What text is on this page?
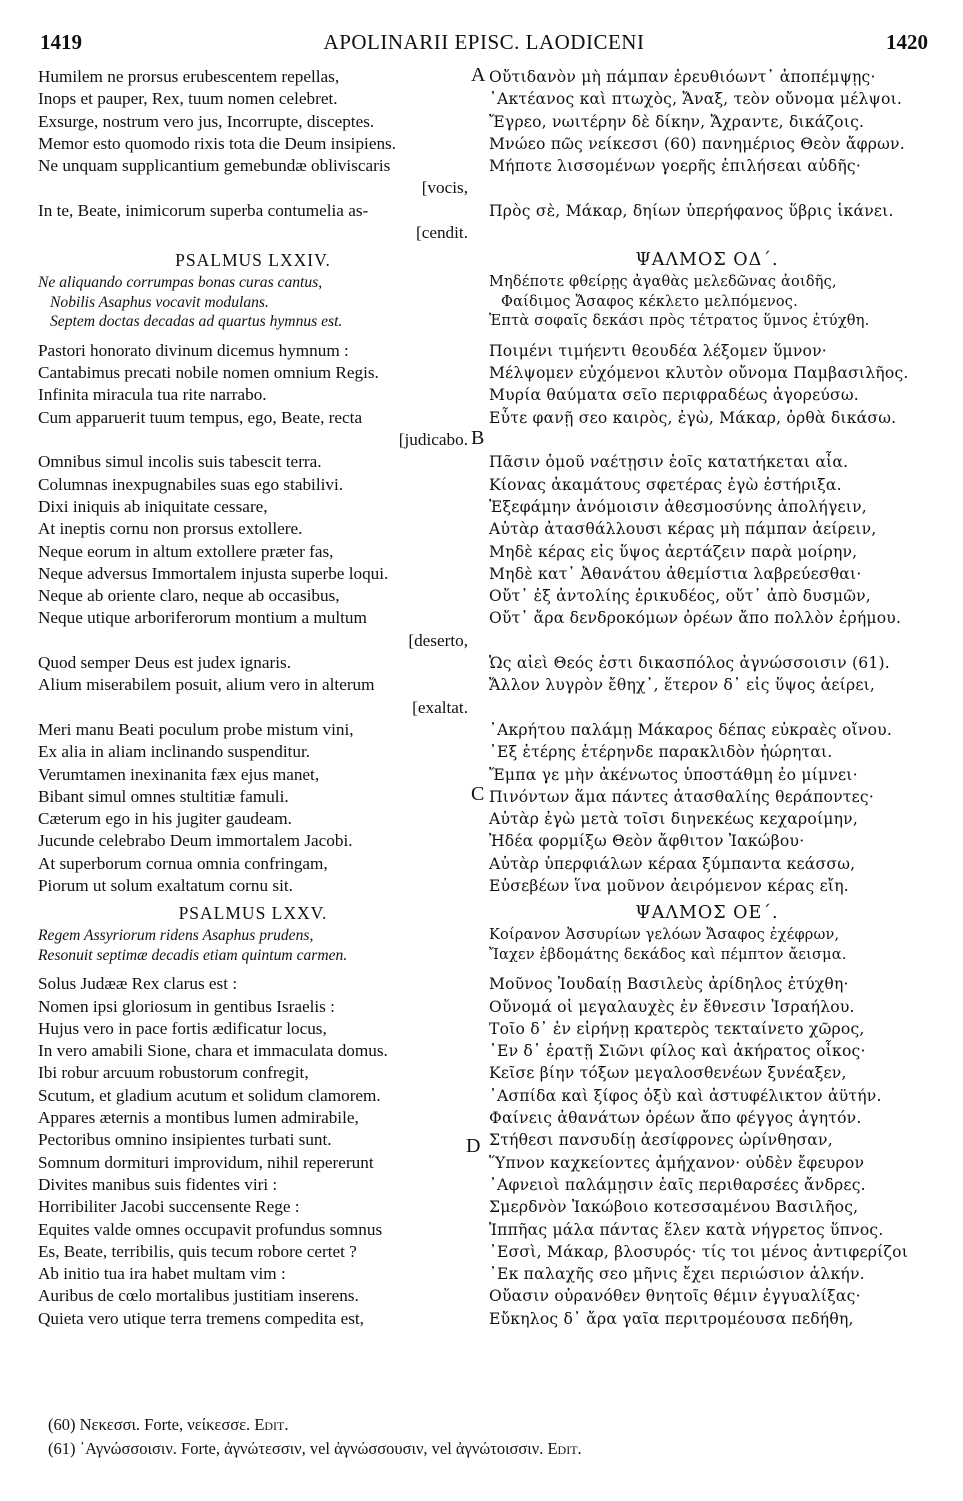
1419	APOLINARII EPISC. LAODICENI	1420
Humilem ne prorsus erubescentem repellas,
Inops et pauper, Rex, tuum nomen celebret.
Exsurge, nostrum vero jus, Incorrupte, disceptes.
Memor esto quomodo rixis tota die Deum insipiens.
Ne unquam supplicantium gemebundæ obliviscaris
[vocis,
In te, Beate, inimicorum superba contumelia as-
[cendit.
PSALMUS LXXIV.
Ne aliquando corrumpas bonas curas cantus,
Nobilis Asaphus vocavit modulans.
Septem doctas decadas ad quartus hymnus est.
Pastori honorato divinum dicemus hymnum :
Cantabimus precati nobile nomen omnium Regis.
Infinita miracula tua rite narrabo.
Cum apparuerit tuum tempus, ego, Beate, recta
[judicabo.
Omnibus simul incolis suis tabescit terra.
Columnas inexpugnabiles suas ego stabilivi.
Dixi iniquis ab iniquitate cessare,
At ineptis cornu non prorsus extollere.
Neque eorum in altum extollere præter fas,
Neque adversus Immortalem injusta superbe loqui.
Neque ab oriente claro, neque ab occasibus,
Neque utique arboriferorum montium a multum
[deserto,
Quod semper Deus est judex ignaris.
Alium miserabilem posuit, alium vero in alterum
[exaltat.
Meri manu Beati poculum probe mistum vini,
Ex alia in aliam inclinando suspenditur.
Verumtamen inexinanita fæx ejus manet,
Bibant simul omnes stultitiæ famuli.
Cæterum ego in his jugiter gaudeam.
Jucunde celebrabo Deum immortalem Jacobi.
At superborum cornua omnia confringam,
Piorum ut solum exaltatum cornu sit.
PSALMUS LXXV.
Regem Assyriorum ridens Asaphus prudens,
Resonuit septimæ decadis etiam quintum carmen.
Solus Judææ Rex clarus est :
Nomen ipsi gloriosum in gentibus Israelis :
Hujus vero in pace fortis ædificatur locus,
In vero amabili Sione, chara et immaculata domus.
Ibi robur arcuum robustorum confregit,
Scutum, et gladium acutum et solidum clamorem.
Appares æternis a montibus lumen admirabile,
Pectoribus omnino insipientes turbati sunt.
Somnum dormituri improvidum, nihil repererunt
Divites manibus suis fidentes viri :
Horribiliter Jacobi succensente Rege :
Equites valde omnes occupavit profundus somnus
Es, Beate, terribilis, quis tecum robore certet ?
Ab initio tua ira habet multam vim :
Auribus de cœlo mortalibus justitiam inserens.
Quieta vero utique terra tremens compedita est,
Οὔτιδανὸν μὴ πάμπαν ἐρευθιόωντ᾽ ἀποπέμψῃς·
᾽Ακτέανος καὶ πτωχὸς, Ἄναξ, τεὸν οὔνομα μέλψοι.
Ἔγρεο, νωιτέρην δὲ δίκην, Ἄχραντε, δικάζοις.
Μνώεο πῶς νείκεσσι (60) πανημέριος Θεὸν ἄφρων.
Μήποτε λισσομένων γοερῆς ἐπιλήσεαι αὐδῆς·
Πρὸς σὲ, Μάκαρ, δηίων ὑπερήφανος ὕβρις ἱκάνει.
ΨΑΛΜΟΣ ΟΔ΄.
Μηδέποτε φθείρῃς ἀγαθὰς μελεδῶνας ἀοιδῆς,
Φαίδιμος Ἄσαφος κέκλετο μελπόμενος.
Ἑπτὰ σοφαῖς δεκάσι πρὸς τέτρατος ὕμνος ἐτύχθη.
Ποιμένι τιμήεντι θεουδέα λέξομεν ὕμνον·
Μέλψομεν εὐχόμενοι κλυτὸν οὔνομα Παμβασιλῆος.
Μυρία θαύματα σεῖο περιφραδέως ἀγορεύσω.
Εὖτε φανῇ σεο καιρὸς, ἐγὼ, Μάκαρ, ὀρθὰ δικάσω.
Πᾶσιν ὁμοῦ ναέτῃσιν ἑοῖς κατατήκεται αἶα.
Κίονας ἀκαμάτους σφετέρας ἐγὼ ἐστήριξα.
Ἐξεφάμην ἀνόμοισιν ἀθεσμοσύνης ἀπολήγειν,
Αὐτὰρ ἀτασθάλλουσι κέρας μὴ πάμπαν ἀείρειν,
Μηδὲ κέρας εἰς ὕψος ἀερτάζειν παρὰ μοίρην,
Μηδὲ κατ᾽ Ἀθανάτου ἀθεμίστια λαβρεύεσθαι·
Οὔτ᾽ ἐξ ἀντολίης ἐρικυδέος, οὔτ᾽ ἀπὸ δυσμῶν,
Οὔτ᾽ ἄρα δενδροκόμων ὀρέων ἄπο πολλὸν ἐρήμου.
Ὡς αἰεὶ Θεός ἐστι δικασπόλος ἀγνώσσοισιν (61).
Ἄλλον λυγρὸν ἔθηχ᾽, ἕτερον δ᾽ εἰς ὕψος ἀείρει,
᾽Ακρήτου παλάμῃ Μάκαρος δέπας εὐκραὲς οἴνου.
᾽Εξ ἑτέρης ἑτέρηνδε παρακλιδὸν ἠώρηται.
Ἔμπα γε μὴν ἀκένωτος ὑποστάθμη ἐο μίμνει·
Πινόντων ἅμα πάντες ἀτασθαλίης θεράποντες·
Αὐτὰρ ἐγὼ μετὰ τοῖσι διηνεκέως κεχαροίμην,
Ἠδέα φορμίξω Θεὸν ἄφθιτον Ἰακώβου·
Αὐτὰρ ὑπερφιάλων κέραα ξύμπαντα κεάσσω,
Εὐσεβέων ἵνα μοῦνον ἀειρόμενον κέρας εἴη.
ΨΑΛΜΟΣ ΟΕ΄.
Κοίρανον Ἀσσυρίων γελόων Ἄσαφος ἐχέφρων,
Ἴαχεν ἑβδομάτης δεκάδος καὶ πέμπτον ἄεισμα.
Μοῦνος Ἰουδαίῃ Βασιλεὺς ἀρίδηλος ἐτύχθη·
Οὔνομά οἱ μεγαλαυχὲς ἐν ἔθνεσιν Ἰσραήλου.
Τοῖο δ᾽ ἐν εἰρήνῃ κρατερὸς τεκταίνετο χῶρος,
᾽Εν δ᾽ ἐρατῇ Σιῶνι φίλος καὶ ἀκήρατος οἶκος·
Κεῖσε βίην τόξων μεγαλοσθενέων ξυνέαξεν,
᾽Ασπίδα καὶ ξίφος ὀξὺ καὶ ἀστυφέλικτον ἀϋτήν.
Φαίνεις ἀθανάτων ὀρέων ἄπο φέγγος ἀγητόν.
Στήθεσι πανσυδίῃ ἀεσίφρονες ὠρίνθησαν,
Ὕπνον καχκείοντες ἀμήχανον· οὐδὲν ἔφευρον
᾽Αφνειοὶ παλάμῃσιν ἑαῖς περιθαρσέες ἄνδρες.
Σμερδνὸν Ἰακώβοιο κοτεσσαμένου Βασιλῆος,
Ἱππῆας μάλα πάντας ἕλεν κατὰ νήγρετος ὕπνος.
᾽Εσσὶ, Μάκαρ, βλοσυρός· τίς τοι μένος ἀντιφερίζοι
᾽Εκ παλαχῆς σεο μῆνις ἔχει περιώσιον ἀλκήν.
Οὔασιν οὐρανόθεν θνητοῖς θέμιν ἐγγυαλίξας·
Εὔκηλος δ᾽ ἄρα γαῖα περιτρομέουσα πεδήθη,
A
B
C
D
(60) Νεκεσσι. Forte, νείκεσσε. Edit.
(61) ᾽Αγνώσσοισιν. Forte, ἀγνώτεσσιν, vel ἀγνώσσουσιν, vel ἀγνώτοισσιν. Edit.
